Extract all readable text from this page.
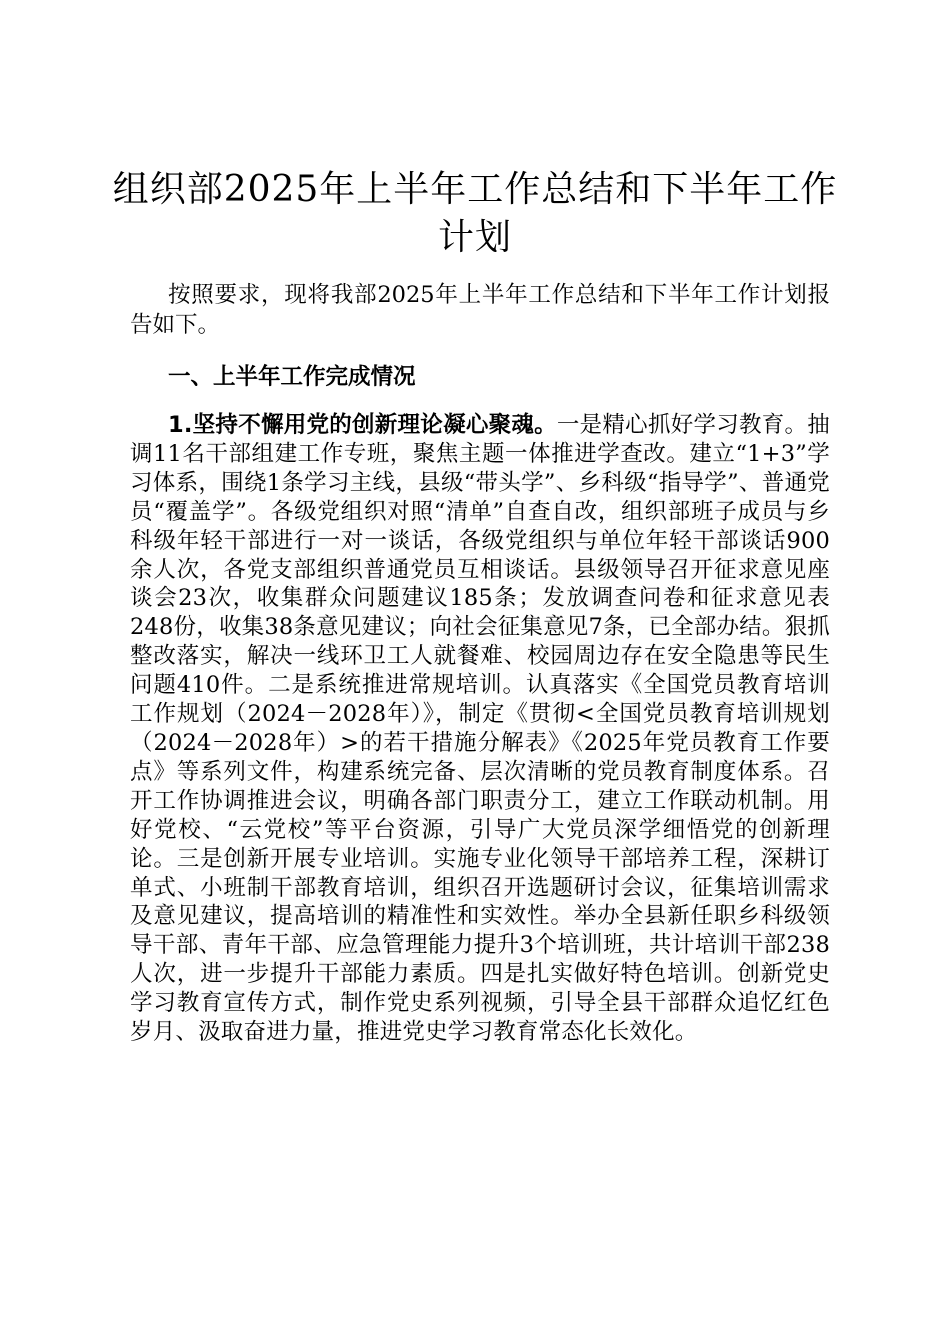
组织部2025年上半年工作总结和下半年工作计划

按照要求，现将我部2025年上半年工作总结和下半年工作计划报告如下。

一、上半年工作完成情况

1.坚持不懈用党的创新理论凝心聚魂。一是精心抓好学习教育。抽调11名干部组建工作专班，聚焦主题一体推进学查改。建立“1+3”学习体系，围绕1条学习主线，县级“带头学”、乡科级“指导学”、普通党员“覆盖学”。各级党组织对照“清单”自查自改，组织部班子成员与乡科级年轻干部进行一对一谈话，各级党组织与单位年轻干部谈话900余人次，各党支部组织普通党员互相谈话。县级领导召开征求意见座谈会23次，收集群众问题建议185条；发放调查问卷和征求意见表248份，收集38条意见建议；向社会征集意见7条，已全部办结。狠抓整改落实，解决一线环卫工人就餐难、校园周边存在安全隐患等民生问题410件。二是系统推进常规培训。认真落实《全国党员教育培训工作规划（2024－2028年）》，制定《贯彻<全国党员教育培训规划（2024－2028年）>的若干措施分解表》《2025年党员教育工作要点》等系列文件，构建系统完备、层次清晰的党员教育制度体系。召开工作协调推进会议，明确各部门职责分工，建立工作联动机制。用好党校、“云党校”等平台资源，引导广大党员深学细悟党的创新理论。三是创新开展专业培训。实施专业化领导干部培养工程，深耕订单式、小班制干部教育培训，组织召开选题研讨会议，征集培训需求及意见建议，提高培训的精准性和实效性。举办全县新任职乡科级领导干部、青年干部、应急管理能力提升3个培训班，共计培训干部238人次，进一步提升干部能力素质。四是扎实做好特色培训。创新党史学习教育宣传方式，制作党史系列视频，引导全县干部群众追忆红色岁月、汲取奋进力量，推进党史学习教育常态化长效化。
